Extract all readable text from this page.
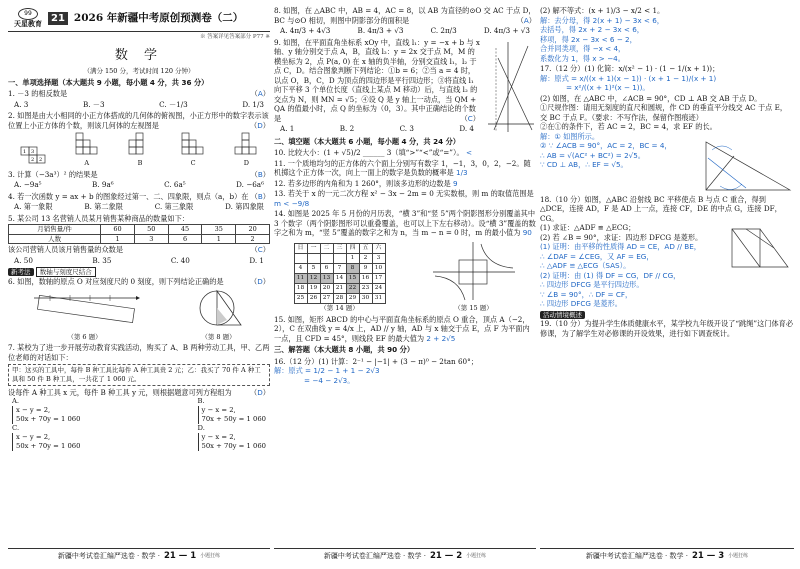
99
天星教育 21 2026 年新疆中考原创预测卷（二）
※ 答案详见答案部分 P77 ※
数 学
（满分 150 分，考试时间 120 分钟）
一、单项选择题（本大题共 9 小题，每小题 4 分，共 36 分）
1. －3 的相反数是	（A）
A. 3	B. －3	C. －1/3	D. 1/3
2. 如图是由大小相同的小正方体搭成的几何体的俯视图，小正方形中的数字表示该位置上小正方体的个数，则该几何体的左视图是	（D）
1 3
2 2	A	B	C	D
3. 计算（−3a³）² 的结果是	（B）
A. −9a⁵	B. 9a⁶	C. 6a⁵	D. −6a⁶
4. 若一次函数 y = ax + b 的图象经过第一、二、四象限，则点（a，b）在 （B）
A. 第一象限	B. 第二象限	C. 第三象限	D. 第四象限
5. 某公司 13 名营销人员某月销售某种商品的数量如下：
月销售量/件	60	50	45	35	20
人数	1	3	6	1	2
该公司营销人员该月销售量的众数是	（C）
A. 50	B. 35	C. 40	D. 1
新考法 数轴与刻度尺结合
6. 如图，数轴的原点 O 对应刻度尺的 0 刻度，则下列结论正确的是	（D）
（第 6 题）	（第 8 题）
7. 某校为了进一步开展劳动教育实践活动，购买了 A、B 两种劳动工具，甲、乙两位老师的对话如下：
甲：这买的工具中，每件 B 种工具比每件 A 种工具贵 2 元；乙：我买了 70 件 A 种工具和 50 件 B 种工具，一共花了 1 060 元。
设每件 A 种工具 x 元，每件 B 种工具 y 元，则根据题意可列方程组为	（D）
A.
x − y = 2,
50x + 70y = 1 060
B.
y − x = 2,
70x + 50y = 1 060
C.
x − y = 2,
50x + 70y = 1 060
D.
y − x = 2,
50x + 70y = 1 060
8. 如图，在 △ABC 中，AB = 4，AC = 8，以 AB 为直径的⊙O 交 AC 于点 D，BC 与⊙O 相切，则图中阴影部分的面积是	（A）
A. 4π/3 + 4√3	B. 4π/3 + √3	C. 2π/3	D. 4π/3 + √3
9. 如图，在平面直角坐标系 xOy 中，直线 l₁：y = −x + b 与 x 轴、y 轴分别交于点 A，B，直线 l₂：y = 2x 交于点 M，M 的横坐标为 2，点 P(a, 0) 在 x 轴的负半轴，分别交直线 l₁，l₂ 于点 C，D。结合图象判断下列结论：①b = 6；②当 a = 4 时，以点 O，B，C，D 为顶点的四边形是平行四边形；③将直线 l₁ 向下平移 3 个单位长度（直线上某点 M 移动）后，与直线 l₂ 的交点为 N，则 MN = √5；④设 Q 是 y 轴上一动点，当 QM + QA 的值最小时，点 Q 的坐标为（0，3）。其中正确结论的个数是	（C）
A. 1	B. 2	C. 3	D. 4
二、填空题（本大题共 6 小题，每小题 4 分，共 24 分）
10. 比较大小：(1 + √5)/2 ______ 3（填“>”“<”或“=”）。 <
11. 一个质地均匀的正方体的六个面上分别写有数字 1，−1，3，0，2，−2。随机掷这个正方体一次，向上一面上的数字是负数的概率是 1/3
12. 若多边形的内角和为 1 260°，则该多边形的边数是 9
13. 若关于 x 的一元二次方程 x² − 3x − 2m = 0 无实数根，则 m 的取值范围是 m < −9/8
14. 如图是 2025 年 5 月份的月历表，“横 3”和“竖 5”两个阴影图形分别覆盖其中 3 个数字（两个阴影图形可以重叠覆盖，也可以上下左右移动）。设“横 3”覆盖的数字之和为 m，“竖 5”覆盖的数字之和为 n，当 m − n = 0 时，m 的最小值为 90
日	一	二	三	四	五	六
				1	2	3
4	5	6	7	8	9	10
11	12	13	14	15	16	17
18	19	20	21	22	23	24
25	26	27	28	29	30	31
（第 14 题）	（第 15 题）
15. 如图，矩形 ABCD 的中心与平面直角坐标系的原点 O 重合，顶点 A（−2，2），C 在双曲线 y = 4/x 上，AD // y 轴，AD 与 x 轴交于点 E，点 F 为平面内一点，且 CFD = 45°，则线段 EF 的最大值为 2 + 2√5
三、解答题（本大题共 8 小题，共 90 分）
16.（12 分）(1) 计算：2⁻¹ − |−1| + (3 − π)⁰ − 2tan 60°；
解：原式 = 1/2 − 1 + 1 − 2√3
= −4 − 2√3。
(2) 解不等式：(x + 1)/3 − x/2 < 1。
解：去分母，得 2(x + 1) − 3x < 6，
去括号，得 2x + 2 − 3x < 6，
移项，得 2x − 3x < 6 − 2，
合并同类项，得 −x < 4，
系数化为 1，得 x > −4。
17.（12 分）(1) 化简：x/(x² − 1) · (1 − 1/(x + 1))；
解：原式 = x/((x + 1)(x − 1)) · (x + 1 − 1)/(x + 1)
= x²/((x + 1)²(x − 1))。
(2) 如图，在 △ABC 中，∠ACB = 90°，CD ⊥ AB 交 AB 于点 D。
①尺规作图：请用无刻度的直尺和圆规，作 CD 的垂直平分线交 AC 于点 E，交 BC 于点 F。（要求：不写作法，保留作图痕迹）
②在①的条件下，若 AC = 2，BC = 4，求 EF 的长。
解：① 如图所示。
② ∵ ∠ACB = 90°，AC = 2，BC = 4，
∴ AB = √(AC² + BC²) = 2√5。
∵ CD ⊥ AB，∴ EF = √5。
18.（10 分）如图，△ABC 沿射线 BC 平移使点 B 与点 C 重合，得到 △DCE，连接 AD，F 是 AD 上一点，连接 CF，DE 的中点 G，连接 DF，CG。
(1) 求证：△ADF ≌ △ECG；
(2) 若 ∠B = 90°，求证：四边形 DFCG 是菱形。
(1) 证明：由平移的性质得 AD = CE，AD // BE，
∴ ∠DAF = ∠CEG，又 AF = EG，
∴ △ADF ≌ △ECG（SAS）。
(2) 证明：由 (1) 得 DF = CG，DF // CG，
∴ 四边形 DFCG 是平行四边形。
∵ ∠B = 90°，∴ DF = CF，
∴ 四边形 DFCG 是菱形。
活动情境概述
19.（10 分）为提升学生体质健康水平，某学校九年级开设了“跳绳”这门体育必修课，为了解学生对必修课的开设效果，进行如下调查统计。
新疆中考试卷汇编严选卷 · 数学 · 21 — 1 小题狂练	新疆中考试卷汇编严选卷 · 数学 · 21 — 2 小题狂练	新疆中考试卷汇编严选卷 · 数学 · 21 — 3 小题狂练
